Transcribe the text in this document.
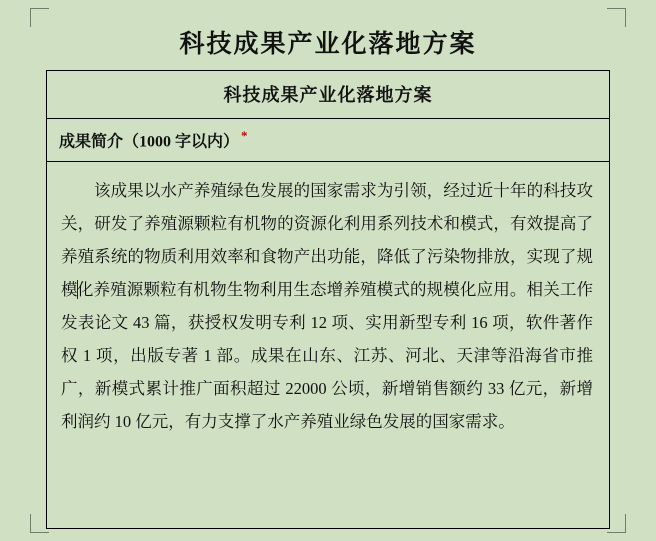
科技成果产业化落地方案
科技成果产业化落地方案
成果简介（1000 字以内） *

该成果以水产养殖绿色发展的国家需求为引领，经过近十年的科技攻关，研发了养殖源颗粒有机物的资源化利用系列技术和模式，有效提高了养殖系统的物质利用效率和食物产出功能，降低了污染物排放，实现了规模化养殖源颗粒有机物生物利用生态增养殖模式的规模化应用。相关工作发表论文 43 篇，获授权发明专利 12 项、实用新型专利 16 项，软件著作权 1 项，出版专著 1 部。成果在山东、江苏、河北、天津等沿海省市推广，新模式累计推广面积超过 22000 公顷，新增销售额约 33 亿元，新增利润约 10 亿元，有力支撑了水产养殖业绿色发展的国家需求。
